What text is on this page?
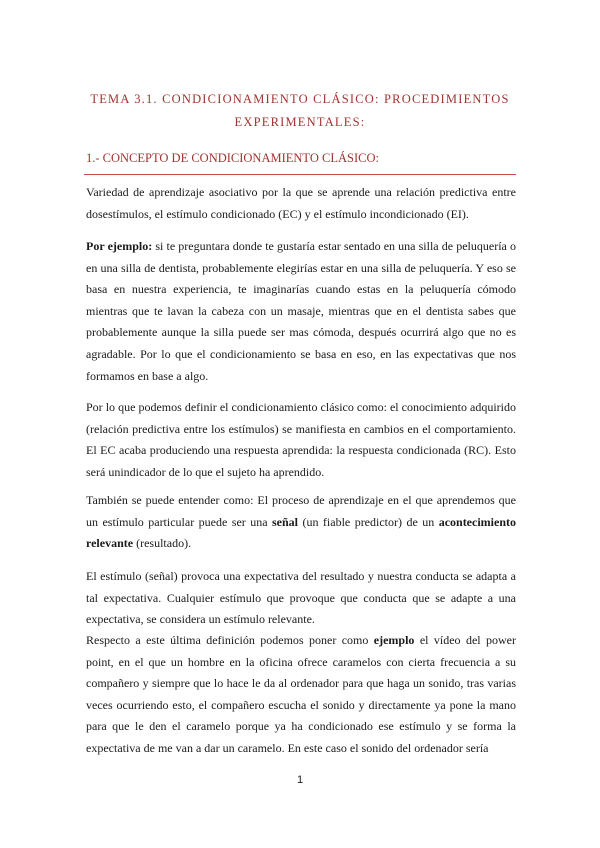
TEMA 3.1. CONDICIONAMIENTO CLÁSICO: PROCEDIMIENTOS
EXPERIMENTALES:
1.- CONCEPTO DE CONDICIONAMIENTO CLÁSICO:
Variedad de aprendizaje asociativo por la que se aprende una relación predictiva entre dosestímulos, el estímulo condicionado (EC) y el estímulo incondicionado (EI).
Por ejemplo: si te preguntara donde te gustaría estar sentado en una silla de peluquería o en una silla de dentista, probablemente elegirías estar en una silla de peluquería. Y eso se basa en nuestra experiencia, te imaginarías cuando estas en la peluquería cómodo mientras que te lavan la cabeza con un masaje, mientras que en el dentista sabes que probablemente aunque la silla puede ser mas cómoda, después ocurrirá algo que no es agradable. Por lo que el condicionamiento se basa en eso, en las expectativas que nos formamos en base a algo.
Por lo que podemos definir el condicionamiento clásico como: el conocimiento adquirido (relación predictiva entre los estímulos) se manifiesta en cambios en el comportamiento. El EC acaba produciendo una respuesta aprendida: la respuesta condicionada (RC). Esto será unindicador de lo que el sujeto ha aprendido.
También se puede entender como: El proceso de aprendizaje en el que aprendemos que un estímulo particular puede ser una señal (un fiable predictor) de un acontecimiento relevante (resultado).
El estímulo (señal) provoca una expectativa del resultado y nuestra conducta se adapta a tal expectativa. Cualquier estímulo que provoque que conducta que se adapte a una expectativa, se considera un estímulo relevante.
Respecto a este última definición podemos poner como ejemplo el vídeo del power point, en el que un hombre en la oficina ofrece caramelos con cierta frecuencia a su compañero y siempre que lo hace le da al ordenador para que haga un sonido, tras varias veces ocurriendo esto, el compañero escucha el sonido y directamente ya pone la mano para que le den el caramelo porque ya ha condicionado ese estímulo y se forma la expectativa de me van a dar un caramelo. En este caso el sonido del ordenador sería
1
